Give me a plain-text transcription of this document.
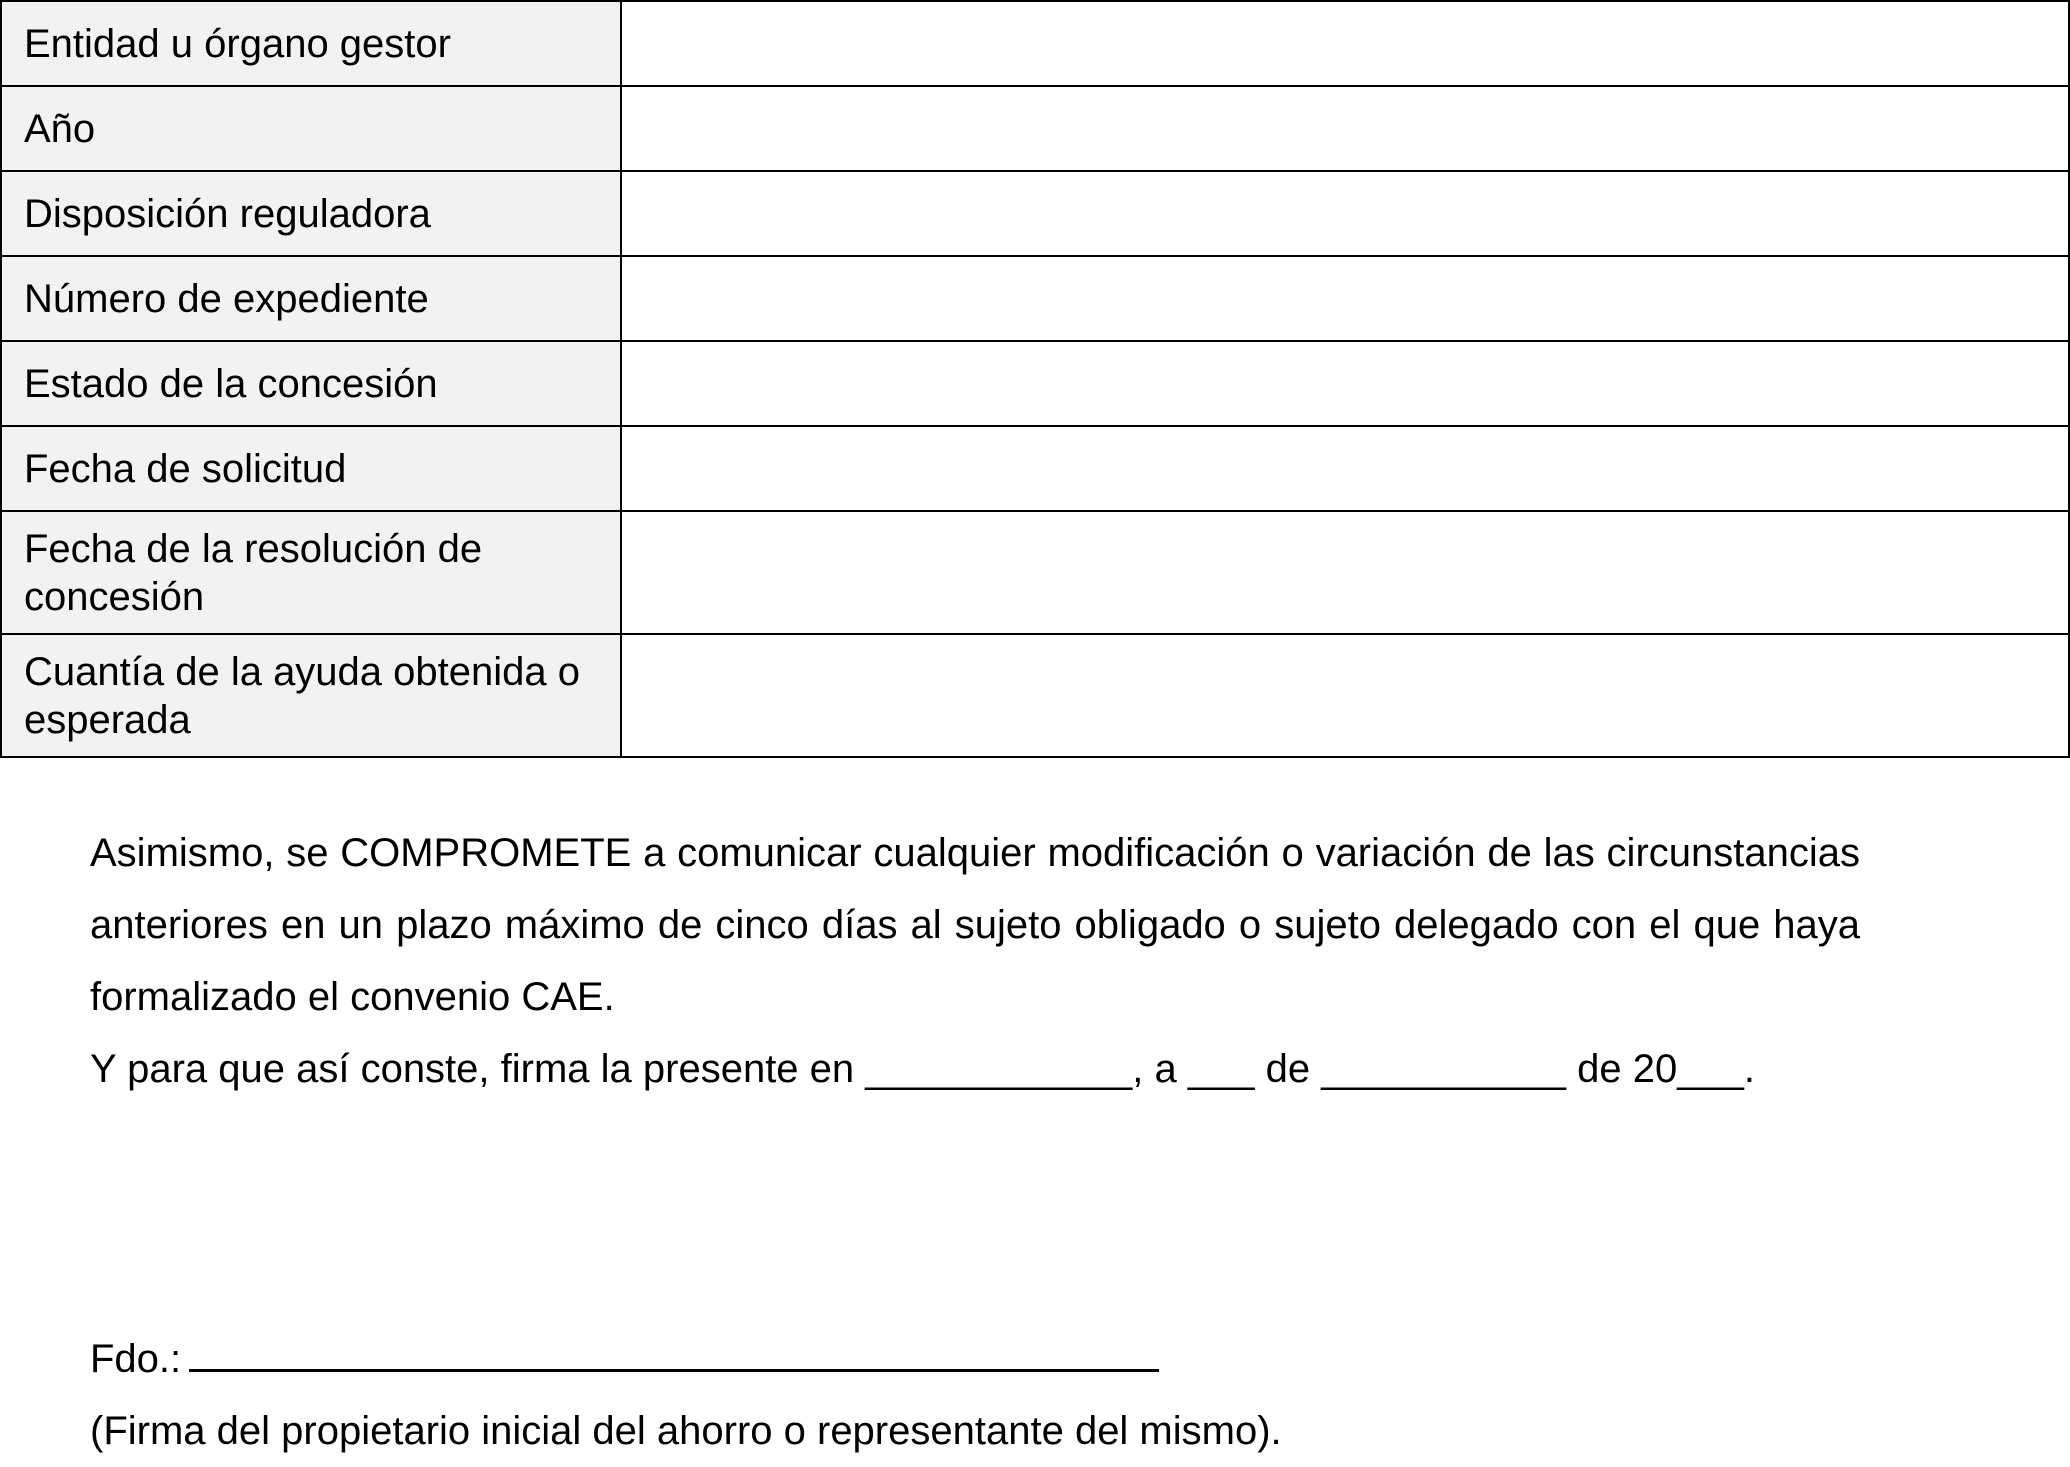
Entidad u órgano gestor	
Año	
Disposición reguladora	
Número de expediente	
Estado de la concesión	
Fecha de solicitud	
Fecha de la resolución de concesión	
Cuantía de la ayuda obtenida o esperada	

Asimismo, se COMPROMETE a comunicar cualquier modificación o variación de las circunstancias anteriores en un plazo máximo de cinco días al sujeto obligado o sujeto delegado con el que haya formalizado el convenio CAE.

Y para que así conste, firma la presente en ____________, a ___ de ___________ de 20___.

Fdo.:

(Firma del propietario inicial del ahorro o representante del mismo).
